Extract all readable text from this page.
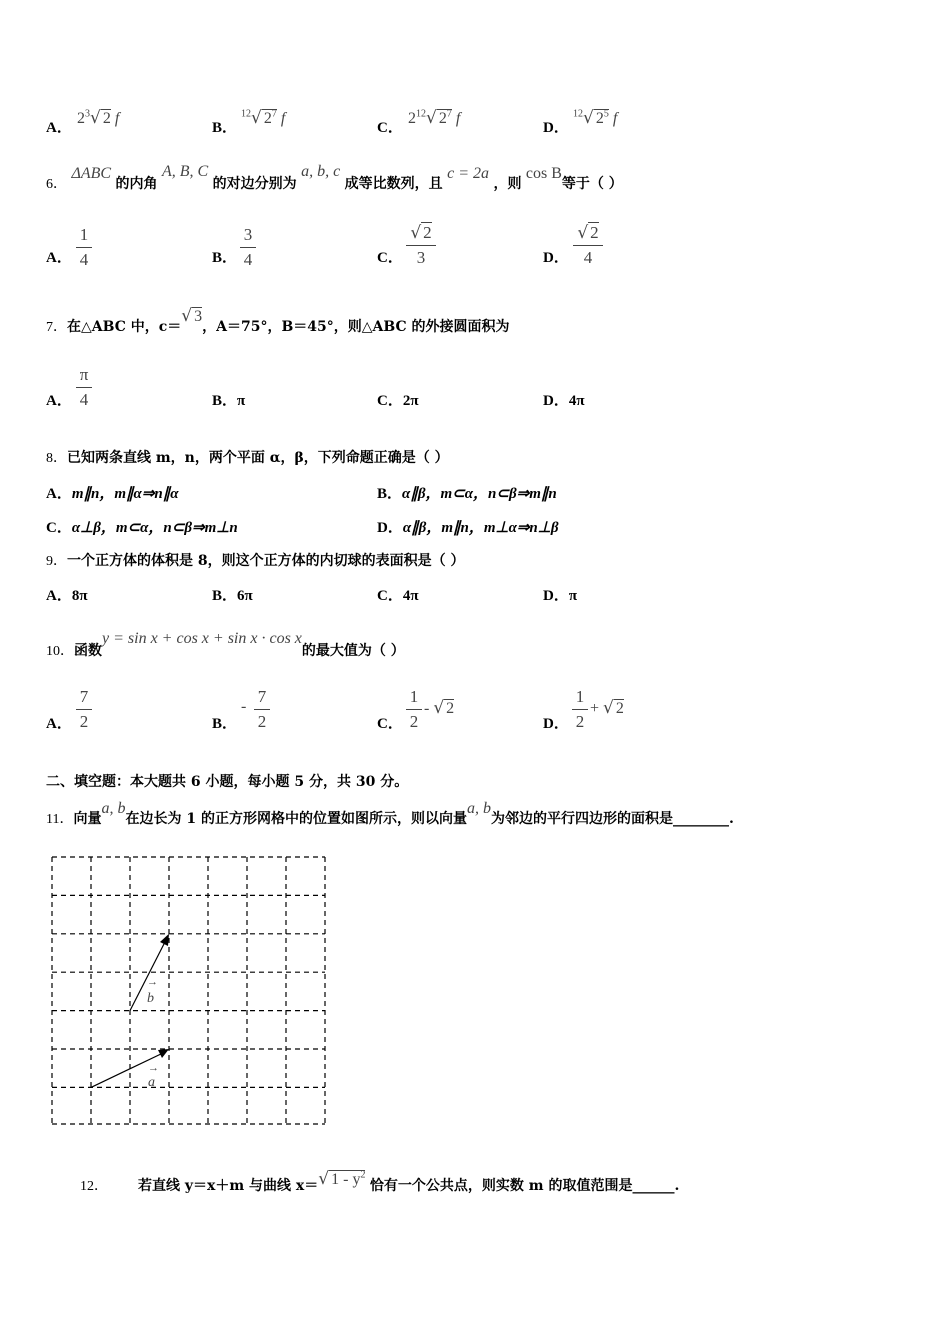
A．
$2^3√$ 2 f
B．
$^{12}$√ $2^7$ f
C．
$2^{12}√$ $2^7$ f
D．
$^{12}$√ $2^5$ f
6． ΔABC 的内角 A, B, C 的对边分别为 a, b, c 成等比数列，且 c = 2a ，则 cos B等于（ ）
A．
1
4	B．
3
4	C．
√ 2
3	D．
√ 2
4
7．在△ABC 中，c＝√ 3，A＝75°，B＝45°，则△ABC 的外接圆面积为
A．
π
4	B．π	C．2π	D．4π
8．已知两条直线 m，n，两个平面 α，β，下列命题正确是（ ）
A．m∥n，m∥α⇒n∥α	B．α∥β，m⊂α，n⊂β⇒m∥n
C．α⊥β，m⊂α，n⊂β⇒m⊥n	D．α∥β，m∥n，m⊥α⇒n⊥β
9．一个正方体的体积是 8，则这个正方体的内切球的表面积是（ ）
A．8π	B．6π	C．4π	D．π
10．函数y = sin x + cos x + sin x · cos x的最大值为（ ）
A．
7
2	B．
-
7
2	C．
1
2
- √ 2
D．
1
2
+ √ 2
二、填空题：本大题共 6 小题，每小题 5 分，共 30 分。
11．向量a, b在边长为 1 的正方形网格中的位置如图所示，则以向量a, b为邻边的平行四边形的面积是________.
→
b
→
a
12． 若直线 y＝x＋m 与曲线 x＝√ $1 - y^2$ 恰有一个公共点，则实数 m 的取值范围是______.
